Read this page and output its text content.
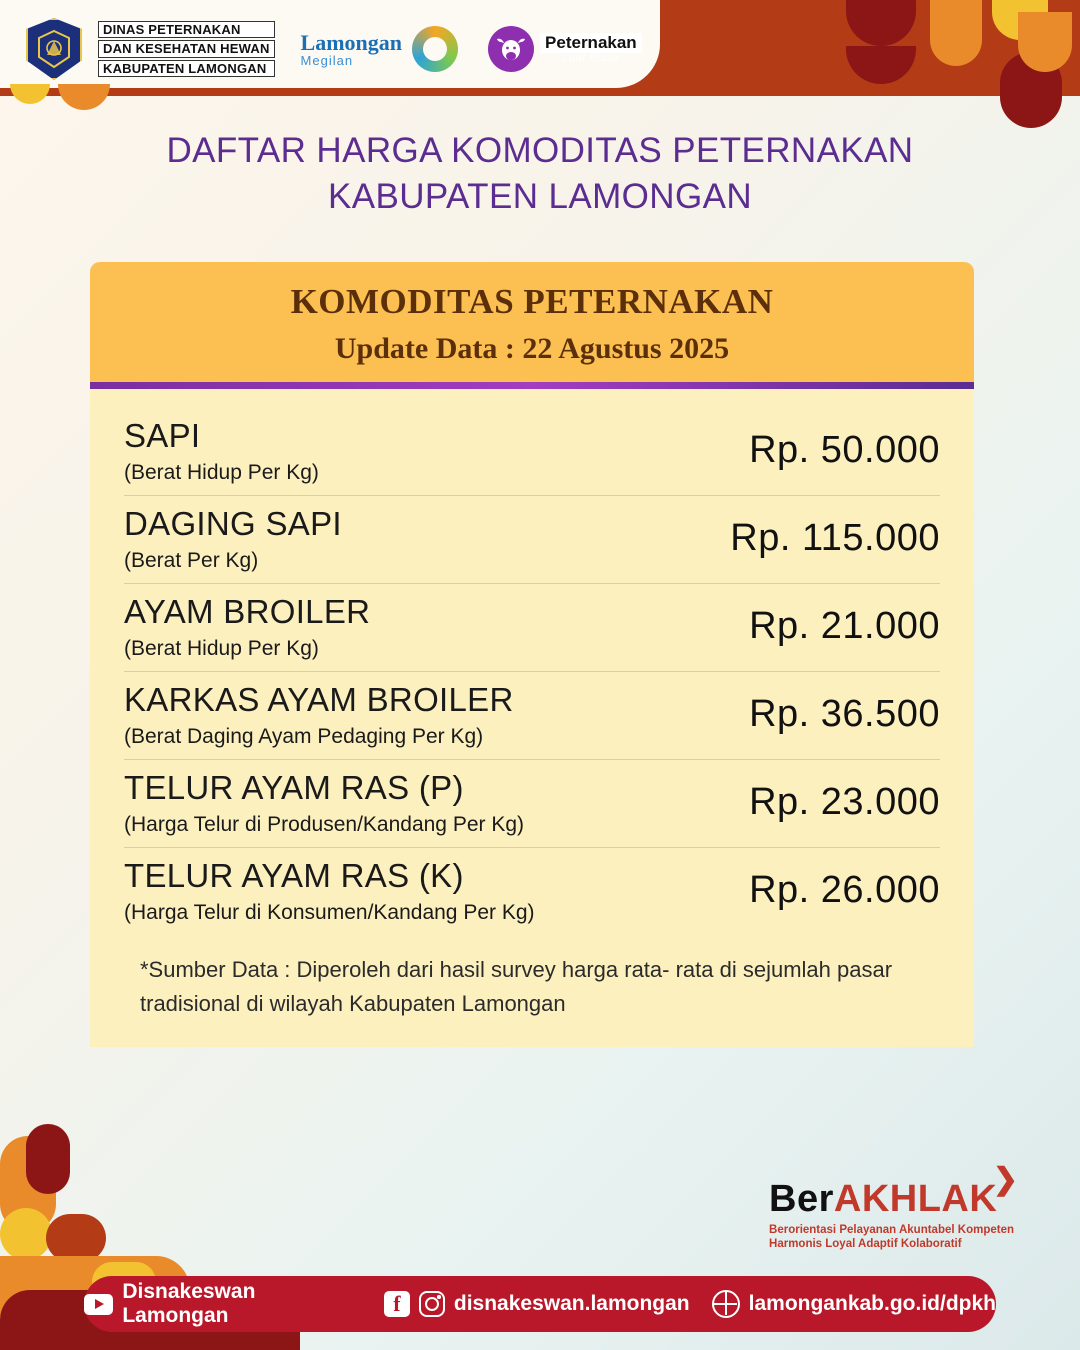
DINAS PETERNAKAN
DAN KESEHATAN HEWAN
KABUPATEN LAMONGAN
Lamongan
Megilan
Peternakan
Luar Biasa
DAFTAR HARGA KOMODITAS PETERNAKAN
KABUPATEN LAMONGAN
KOMODITAS PETERNAKAN
Update Data : 22 Agustus 2025
SAPI
(Berat Hidup Per Kg)
Rp. 50.000
DAGING SAPI
(Berat Per Kg)
Rp. 115.000
AYAM BROILER
(Berat Hidup Per Kg)
Rp. 21.000
KARKAS AYAM BROILER
(Berat Daging Ayam Pedaging Per Kg)
Rp. 36.500
TELUR AYAM RAS (P)
(Harga Telur di Produsen/Kandang Per Kg)
Rp. 23.000
TELUR AYAM RAS (K)
(Harga Telur di Konsumen/Kandang Per Kg)
Rp. 26.000
*Sumber Data : Diperoleh dari hasil survey harga rata- rata di sejumlah pasar tradisional di wilayah Kabupaten Lamongan
❯
BerAKHLAK
Berorientasi Pelayanan Akuntabel Kompeten
Harmonis Loyal Adaptif Kolaboratif
Disnakeswan Lamongan	f	disnakeswan.lamongan	lamongankab.go.id/dpkh
